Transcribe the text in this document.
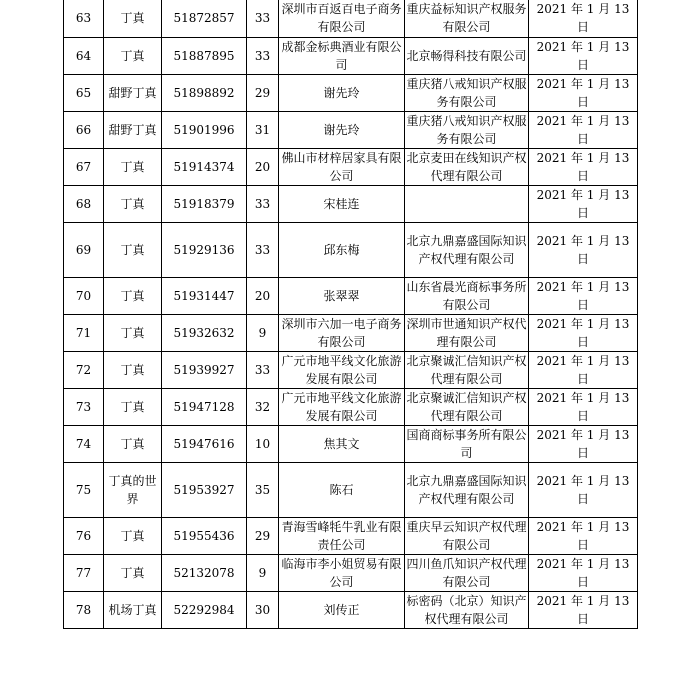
63	丁真	51872857	33	深圳市百返百电子商务有限公司	重庆益标知识产权服务有限公司	2021 年 1 月 13 日
64	丁真	51887895	33	成都金标典酒业有限公司	北京畅得科技有限公司	2021 年 1 月 13 日
65	甜野丁真	51898892	29	谢先玲	重庆猪八戒知识产权服务有限公司	2021 年 1 月 13 日
66	甜野丁真	51901996	31	谢先玲	重庆猪八戒知识产权服务有限公司	2021 年 1 月 13 日
67	丁真	51914374	20	佛山市材梓居家具有限公司	北京麦田在线知识产权代理有限公司	2021 年 1 月 13 日
68	丁真	51918379	33	宋桂连		2021 年 1 月 13 日
69	丁真	51929136	33	邱东梅	北京九鼎嘉盛国际知识产权代理有限公司	2021 年 1 月 13 日
70	丁真	51931447	20	张翠翠	山东省晨光商标事务所有限公司	2021 年 1 月 13 日
71	丁真	51932632	9	深圳市六加一电子商务有限公司	深圳市世通知识产权代理有限公司	2021 年 1 月 13 日
72	丁真	51939927	33	广元市地平线文化旅游发展有限公司	北京聚诚汇信知识产权代理有限公司	2021 年 1 月 13 日
73	丁真	51947128	32	广元市地平线文化旅游发展有限公司	北京聚诚汇信知识产权代理有限公司	2021 年 1 月 13 日
74	丁真	51947616	10	焦其文	国商商标事务所有限公司	2021 年 1 月 13 日
75	丁真的世界	51953927	35	陈石	北京九鼎嘉盛国际知识产权代理有限公司	2021 年 1 月 13 日
76	丁真	51955436	29	青海雪峰牦牛乳业有限责任公司	重庆早云知识产权代理有限公司	2021 年 1 月 13 日
77	丁真	52132078	9	临海市李小姐贸易有限公司	四川鱼爪知识产权代理有限公司	2021 年 1 月 13 日
78	机场丁真	52292984	30	刘传正	标密码（北京）知识产权代理有限公司	2021 年 1 月 13 日
